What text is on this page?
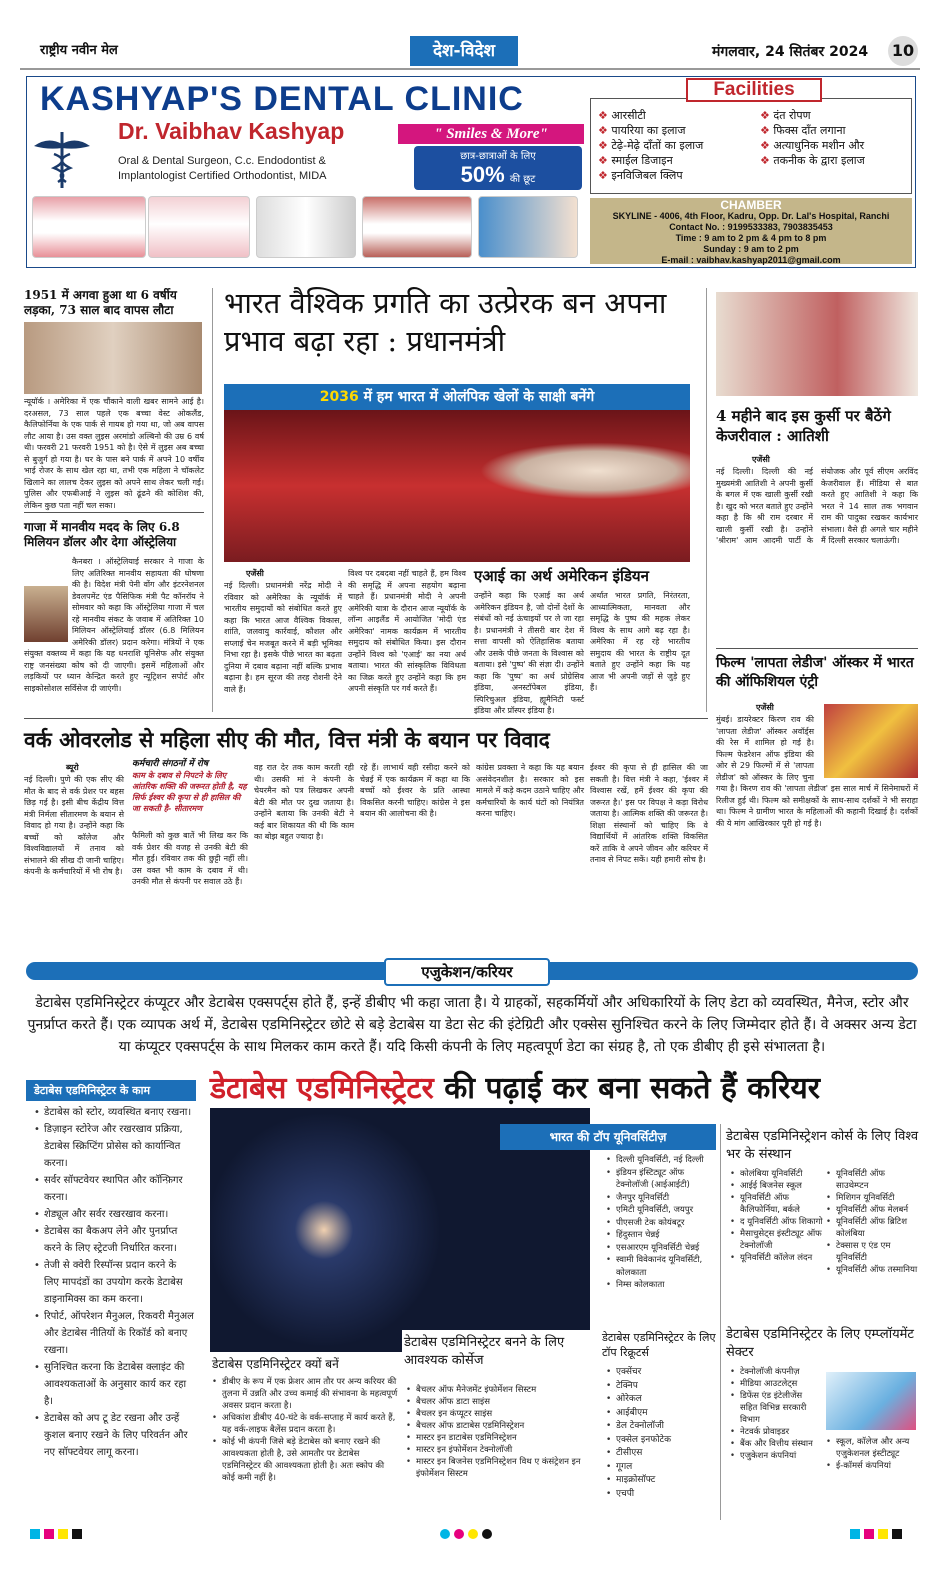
राष्ट्रीय नवीन मेल	देश-विदेश	मंगलवार, 24 सितंबर 2024 10
KASHYAP'S DENTAL CLINIC
Dr. Vaibhav Kashyap
Oral & Dental Surgeon, C.c. Endodontist & Implantologist Certified Orthodontist, MIDA
" Smiles & More"
छात्र-छात्राओं के लिए
50% की छूट
Facilities
❖ आरसीटी
❖ पायरिया का इलाज
❖ टेढ़े-मेढ़े दाँतों का इलाज
❖ स्माईल डिजाइन
❖ इनविजिबल क्लिप
❖ दंत रोपण
❖ फिक्स दाँत लगाना
❖ अत्याधुनिक मशीन और
❖ तकनीक के द्वारा इलाज
CHAMBER
SKYLINE - 4006, 4th Floor, Kadru, Opp. Dr. Lal's Hospital, Ranchi
Contact No. : 9199533383, 7903835453
Time : 9 am to 2 pm & 4 pm to 8 pm
Sunday : 9 am to 2 pm
E-mail : vaibhav.kashyap2011@gmail.com
1951 में अगवा हुआ था 6 वर्षीय लड़का, 73 साल बाद वापस लौटा
न्यूयॉर्क । अमेरिका में एक चौंकाने वाली खबर सामने आई है। दरअसल, 73 साल पहले एक बच्चा वेस्ट ओकलैंड, कैलिफोर्निया के एक पार्क से गायब हो गया था, जो अब वापस लौट आया है। उस वक्त लुइस अरमांडो अल्बिनो की उम्र 6 वर्ष थी। फरवरी 21 फरवरी 1951 को है। ऐसे में लुइस अब बच्चा से बुजुर्ग हो गया है। घर के पास बने पार्क में अपने 10 वर्षीय भाई रोजर के साथ खेल रहा था, तभी एक महिला ने चॉकलेट खिलाने का लालच देकर लुइस को अपने साथ लेकर चली गई। पुलिस और एफबीआई ने लुइस को ढूंढने की कोशिश की, लेकिन कुछ पता नहीं चल सका।
गाजा में मानवीय मदद के लिए 6.8 मिलियन डॉलर और देगा ऑस्ट्रेलिया
कैनबरा । ऑस्ट्रेलियाई सरकार ने गाजा के लिए अतिरिक्त मानवीय सहायता की घोषणा की है। विदेश मंत्री पेनी वोंग और इंटरनेशनल डेवलपमेंट एंड पैसिफिक मंत्री पैट कॉनरॉय ने सोमवार को कहा कि ऑस्ट्रेलिया गाजा में चल रहे मानवीय संकट के जवाब में अतिरिक्त 10 मिलियन ऑस्ट्रेलियाई डॉलर (6.8 मिलियन अमेरिकी डॉलर) प्रदान करेगा। मंत्रियों ने एक संयुक्त वक्तव्य में कहा कि यह धनराशि यूनिसेफ और संयुक्त राष्ट्र जनसंख्या कोष को दी जाएगी। इसमें महिलाओं और लड़कियों पर ध्यान केन्द्रित करते हुए न्यूट्रिशन सपोर्ट और साइकोसोशल सर्विसेज दी जाएंगी।
भारत वैश्विक प्रगति का उत्प्रेरक बन अपना प्रभाव बढ़ा रहा : प्रधानमंत्री
2036 में हम भारत में ओलंपिक खेलों के साक्षी बनेंगे
एजेंसी
नई दिल्ली। प्रधानमंत्री नरेंद्र मोदी ने रविवार को अमेरिका के न्यूयॉर्क में भारतीय समुदायों को संबोधित करते हुए कहा कि भारत आज वैश्विक विकास, शांति, जलवायु कार्रवाई, कौशल और सप्लाई चेन मजबूत करने में बड़ी भूमिका निभा रहा है। इसके पीछे भारत का बढ़ता दुनिया में दबाव बढ़ाना नहीं बल्कि प्रभाव बढ़ाना है। हम सूरज की तरह रोशनी देने वाले हैं।
विश्व पर दबदबा नहीं चाहते हैं, हम विश्व की समृद्धि में अपना सहयोग बढ़ाना चाहते हैं। प्रधानमंत्री मोदी ने अपनी अमेरिकी यात्रा के दौरान आज न्यूयॉर्क के लॉन्ग आइलैंड में आयोजित 'मोदी एंड अमेरिका' नामक कार्यक्रम में भारतीय समुदाय को संबोधित किया। इस दौरान उन्होंने विश्व को 'एआई' का नया अर्थ बताया। भारत की सांस्कृतिक विविधता का जिक्र करते हुए उन्होंने कहा कि हम अपनी संस्कृति पर गर्व करते हैं।
एआई का अर्थ अमेरिकन इंडियन
उन्होंने कहा कि एआई का अर्थ अमेरिकन इंडियन है, जो दोनों देशों के संबंधों को नई ऊंचाइयों पर ले जा रहा है। प्रधानमंत्री ने तीसरी बार देश में सत्ता वापसी को ऐतिहासिक बताया और उसके पीछे जनता के विश्वास को बताया। इसे 'पुष्प' की संज्ञा दी। उन्होंने कहा कि 'पुष्प' का अर्थ प्रोग्रेसिव इंडिया, अनस्टॉपेबल इंडिया, स्पिरिचुअल इंडिया, ह्यूमैनिटी फर्स्ट इंडिया और प्रॉस्पर इंडिया है।
अर्थात भारत प्रगति, निरंतरता, आध्यात्मिकता, मानवता और समृद्धि के पुष्प की महक लेकर विश्व के साथ आगे बढ़ रहा है। अमेरिका में रह रहे भारतीय समुदाय की भारत के राष्ट्रीय दूत बताते हुए उन्होंने कहा कि यह आज भी अपनी जड़ों से जुड़े हुए हैं।
4 महीने बाद इस कुर्सी पर बैठेंगे केजरीवाल : आतिशी
एजेंसी
नई दिल्ली। दिल्ली की नई मुख्यमंत्री आतिशी ने अपनी कुर्सी के बगल में एक खाली कुर्सी रखी है। खुद को भरत बताते हुए उन्होंने कहा है कि श्री राम दरबार में खाली कुर्सी रखी है। उन्होंने 'श्रीराम' आम आदमी पार्टी के संयोजक और पूर्व सीएम अरविंद केजरीवाल हैं। मीडिया से बात करते हुए आतिशी ने कहा कि भरत ने 14 साल तक भगवान राम की पादुका रखकर कार्यभार संभाला। वैसे ही अगले चार महीने मैं दिल्ली सरकार चलाऊंगी।
फिल्म 'लापता लेडीज' ऑस्कर में भारत की ऑफिशियल एंट्री
एजेंसी
मुंबई। डायरेक्टर किरण राव की 'लापता लेडीज' ऑस्कर अवॉर्ड्स की रेस में शामिल हो गई है। फिल्म फेडरेशन ऑफ इंडिया की ओर से 29 फिल्मों में से 'लापता लेडीज' को ऑस्कर के लिए चुना गया है। किरण राव की 'लापता लेडीज' इस साल मार्च में सिनेमाघरों में रिलीज हुई थी। फिल्म को समीक्षकों के साथ-साथ दर्शकों ने भी सराहा था। फिल्म ने ग्रामीण भारत के महिलाओं की कहानी दिखाई है। दर्शकों की ये मांग आखिरकार पूरी हो गई है।
वर्क ओवरलोड से महिला सीए की मौत, वित्त मंत्री के बयान पर विवाद
ब्यूरो
नई दिल्ली। पुणे की एक सीए की मौत के बाद से वर्क प्रेशर पर बहस छिड़ गई है। इसी बीच केंद्रीय वित्त मंत्री निर्मला सीतारमण के बयान से विवाद हो गया है। उन्होंने कहा कि बच्चों को कॉलेज और विश्वविद्यालयों में तनाव को संभालने की सीख दी जानी चाहिए। कंपनी के कर्मचारियों में भी रोष है।
कर्मचारी संगठनों में रोष
काम के दबाव से निपटने के लिए आंतरिक शक्ति की जरूरत होती है, यह सिर्फ ईश्वर की कृपा से ही हासिल की जा सकती है- सीतारमण
फैमिली को कुछ बातें भी लिख कर कि वर्क प्रेशर की वजह से उनकी बेटी की मौत हुई। रविवार तक की छुट्टी नहीं ली। उस वक्त भी काम के दबाव में थी। उनकी मौत से कंपनी पर सवाल उठे हैं।
वह रात देर तक काम करती रही थी। उसकी मां ने कंपनी के चेयरमैन को पत्र लिखकर अपनी बेटी की मौत पर दुख जताया है। उन्होंने बताया कि उनकी बेटी ने कई बार शिकायत की थी कि काम का बोझ बहुत ज्यादा है।
रहे हैं। लाभार्थ वही रसीदा करने को चेन्नई में एक कार्यक्रम में कहा था कि बच्चों को ईश्वर के प्रति आस्था विकसित करनी चाहिए। कांग्रेस ने इस बयान की आलोचना की है।
कांग्रेस प्रवक्ता ने कहा कि यह बयान असंवेदनशील है। सरकार को इस मामले में कड़े कदम उठाने चाहिए और कर्मचारियों के कार्य घंटों को नियंत्रित करना चाहिए।
ईश्वर की कृपा से ही हासिल की जा सकती है। वित्त मंत्री ने कहा, 'ईश्वर में विश्वास रखें, हमें ईश्वर की कृपा की जरूरत है।' इस पर विपक्ष ने कड़ा विरोध जताया है। आत्मिक शक्ति की जरूरत है। शिक्षा संस्थानों को चाहिए कि वे विद्यार्थियों में आंतरिक शक्ति विकसित करें ताकि वे अपने जीवन और करियर में तनाव से निपट सकें। यही हमारी सोच है।
एजुकेशन/करियर
डेटाबेस एडमिनिस्ट्रेटर कंप्यूटर और डेटाबेस एक्सपर्ट्स होते हैं, इन्हें डीबीए भी कहा जाता है। ये ग्राहकों, सहकर्मियों और अधिकारियों के लिए डेटा को व्यवस्थित, मैनेज, स्टोर और पुनर्प्राप्त करते हैं। एक व्यापक अर्थ में, डेटाबेस एडमिनिस्ट्रेटर छोटे से बड़े डेटाबेस या डेटा सेट की इंटेग्रिटी और एक्सेस सुनिश्चित करने के लिए जिम्मेदार होते हैं। वे अक्सर अन्य डेटा या कंप्यूटर एक्सपर्ट्स के साथ मिलकर काम करते हैं। यदि किसी कंपनी के लिए महत्वपूर्ण डेटा का संग्रह है, तो एक डीबीए ही इसे संभालता है।
डेटाबेस एडमिनिस्ट्रेटर की पढ़ाई कर बना सकते हैं करियर
डेटाबेस एडमिनिस्ट्रेटर के काम
• डेटाबेस को स्टोर, व्यवस्थित बनाए रखना।
• डिज़ाइन स्टोरेज और रखरखाव प्रक्रिया, डेटाबेस स्क्रिप्टिंग प्रोसेस को कार्यान्वित करना।
• सर्वर सॉफ्टवेयर स्थापित और कॉन्फ़िगर करना।
• शेड्यूल और सर्वर रखरखाव करना।
• डेटाबेस का बैकअप लेने और पुनर्प्राप्त करने के लिए स्ट्रेटजी निर्धारित करना।
• तेजी से क्वेरी रिस्पॉन्स प्रदान करने के लिए मापदंडों का उपयोग करके डेटाबेस डाइनामिक्स का कम करना।
• रिपोर्ट, ऑपरेशन मैनुअल, रिकवरी मैनुअल और डेटाबेस नीतियों के रिकॉर्ड को बनाए रखना।
• सुनिश्चित करना कि डेटाबेस क्लाइंट की आवश्यकताओं के अनुसार कार्य कर रहा है।
• डेटाबेस को अप टू डेट रखना और उन्हें कुशल बनाए रखने के लिए परिवर्तन और नए सॉफ्टवेयर लागू करना।
भारत की टॉप यूनिवर्सिटीज़
• दिल्ली यूनिवर्सिटी, नई दिल्ली
• इंडियन इंस्टिट्यूट ऑफ टेक्नोलॉजी (आईआईटी)
• जैनपुर यूनिवर्सिटी
• एमिटी यूनिवर्सिटी, जयपुर
• पीएसजी टेक कोयंबटूर
• हिंदुस्तान चेन्नई
• एसआरएम यूनिवर्सिटी चेन्नई
• स्वामी विवेकानंद यूनिवर्सिटी, कोलकाता
• निम्स कोलकाता
डेटाबेस एडमिनिस्ट्रेटर के लिए टॉप रिक्रूटर्स
• एक्सेंचर
• टेक्निप
• ओरेकल
• आईबीएम
• डेल टेक्नोलॉजी
• एक्सेल इनफोटेक
• टीसीएस
• गूगल
• माइक्रोसॉफ्ट
• एचपी
डेटाबेस एडमिनिस्ट्रेटर क्यों बनें
• डीबीए के रूप में एक फ्रेशर आम तौर पर अन्य करियर की तुलना में उन्नति और उच्च कमाई की संभावना के महत्वपूर्ण अवसर प्रदान करता है।
• अधिकांश डीबीए 40-घंटे के वर्क-सप्ताह में कार्य करते हैं, यह वर्क-लाइफ बैलेंस प्रदान करता है।
• कोई भी कंपनी जिसे बड़े डेटाबेस को बनाए रखने की आवश्यकता होती है, उसे आमतौर पर डेटाबेस एडमिनिस्ट्रेटर की आवश्यकता होती है। अतः स्कोप की कोई कमी नहीं है।
डेटाबेस एडमिनिस्ट्रेटर बनने के लिए आवश्यक कोर्सेज
• बैचलर ऑफ मैनेजमेंट इंफोर्मेशन सिस्टम
• बैचलर ऑफ डाटा साइंस
• बैचलर इन कंप्यूटर साइंस
• बैचलर ऑफ डाटाबेस एडमिनिस्ट्रेशन
• मास्टर इन डाटाबेस एडमिनिस्ट्रेशन
• मास्टर इन इंफोर्मेशन टेक्नोलॉजी
• मास्टर इन बिजनेस एडमिनिस्ट्रेशन विथ ए कंसंट्रेशन इन इंफोर्मेशन सिस्टम
डेटाबेस एडमिनिस्ट्रेशन कोर्स के लिए विश्व भर के संस्थान
• कोलंबिया यूनिवर्सिटी
• आईई बिजनेस स्कूल
• यूनिवर्सिटी ऑफ कैलिफोर्निया, बर्कले
• द यूनिवर्सिटी ऑफ शिकागो
• मैसाचुसेट्स इंस्टीट्यूट ऑफ टेक्नोलॉजी
• यूनिवर्सिटी कॉलेज लंदन
• यूनिवर्सिटी ऑफ साउथेम्प्टन
• मिशिगन यूनिवर्सिटी
• यूनिवर्सिटी ऑफ मेलबर्न
• यूनिवर्सिटी ऑफ ब्रिटिश कोलंबिया
• टेक्सास ए एंड एम यूनिवर्सिटी
• यूनिवर्सिटी ऑफ तस्मानिया
डेटाबेस एडमिनिस्ट्रेटर के लिए एम्प्लॉयमेंट सेक्टर
• टेक्नोलॉजी कंपनीज़
• मीडिया आउटलेट्स
• डिफेंस एंड इंटेलीजेंस सहित विभिन्न सरकारी विभाग
• नेटवर्क प्रोवाइडर
• बैंक और वित्तीय संस्थान
• एजुकेशन कंपनियां
• स्कूल, कॉलेज और अन्य एजुकेशनल इंस्टीट्यूट
• ई-कॉमर्स कंपनियां
